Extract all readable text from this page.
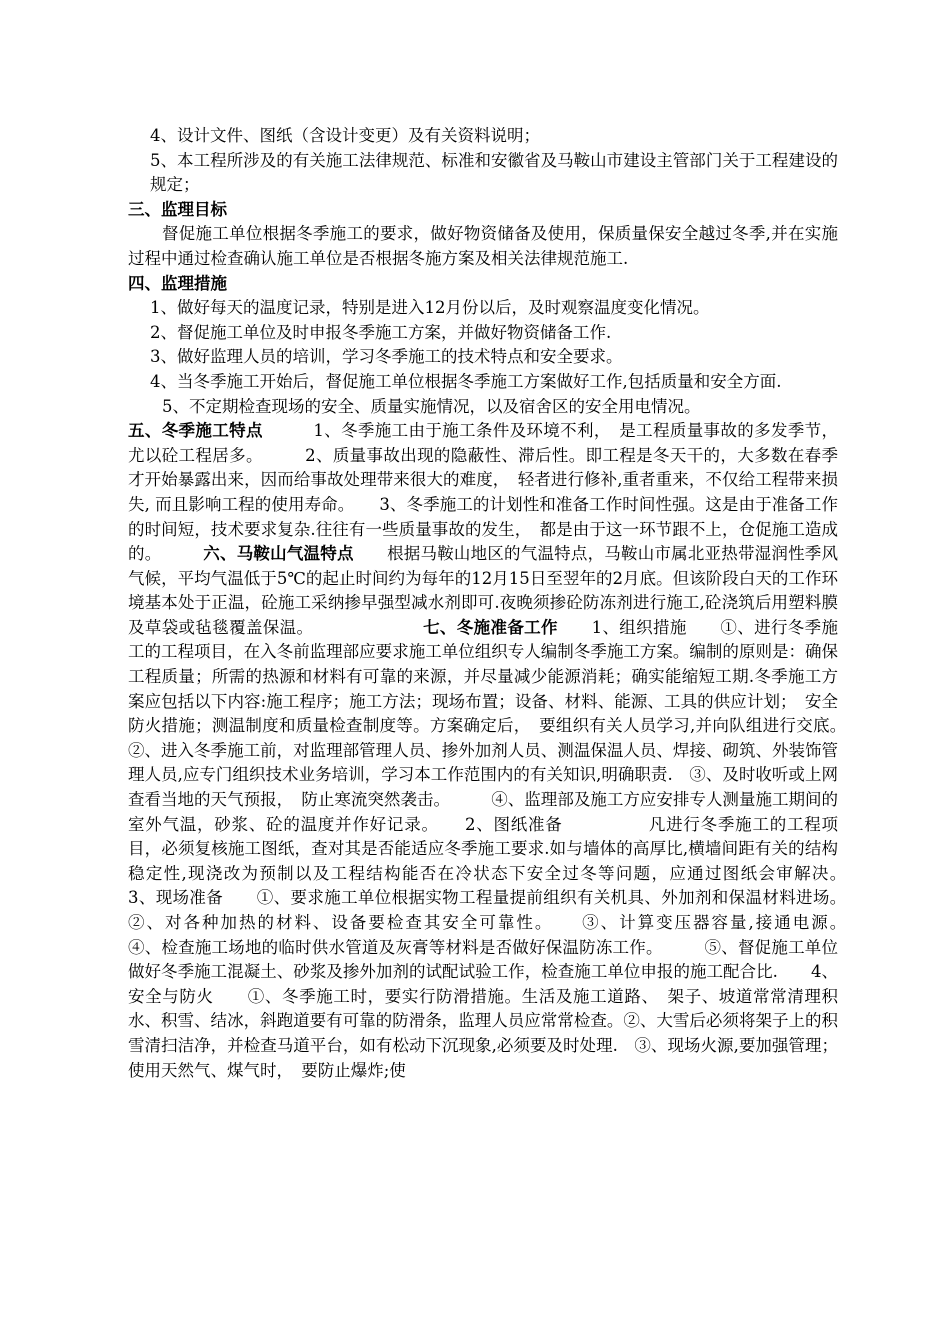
4、设计文件、图纸（含设计变更）及有关资料说明；

5、本工程所涉及的有关施工法律规范、标准和安徽省及马鞍山市建设主管部门关于工程建设的规定；

三、监理目标

督促施工单位根据冬季施工的要求，做好物资储备及使用，保质量保安全越过冬季,并在实施过程中通过检查确认施工单位是否根据冬施方案及相关法律规范施工.

四、监理措施

1、做好每天的温度记录，特别是进入12月份以后，及时观察温度变化情况。

2、督促施工单位及时申报冬季施工方案，并做好物资储备工作.

3、做好监理人员的培训，学习冬季施工的技术特点和安全要求。

4、当冬季施工开始后，督促施工单位根据冬季施工方案做好工作,包括质量和安全方面.

5、不定期检查现场的安全、质量实施情况，以及宿舍区的安全用电情况。

五、冬季施工特点　　　1、冬季施工由于施工条件及环境不利，　是工程质量事故的多发季节，尤以砼工程居多。　　　2、质量事故出现的隐蔽性、滞后性。即工程是冬天干的，大多数在春季才开始暴露出来，因而给事故处理带来很大的难度，　轻者进行修补,重者重来，不仅给工程带来损失, 而且影响工程的使用寿命。　　3、冬季施工的计划性和准备工作时间性强。这是由于准备工作的时间短，技术要求复杂.往往有一些质量事故的发生，　都是由于这一环节跟不上，仓促施工造成的。　　　六、马鞍山气温特点　　根据马鞍山地区的气温特点，马鞍山市属北亚热带湿润性季风气候，平均气温低于5℃的起止时间约为每年的12月15日至翌年的2月底。但该阶段白天的工作环境基本处于正温，砼施工采纳掺早强型减水剂即可.夜晚须掺砼防冻剂进行施工,砼浇筑后用塑料膜及草袋或毡毯覆盖保温。　　　　　　　七、冬施准备工作　　1、组织措施　　①、进行冬季施工的工程项目，在入冬前监理部应要求施工单位组织专人编制冬季施工方案。编制的原则是：确保工程质量；所需的热源和材料有可靠的来源，并尽量减少能源消耗；确实能缩短工期.冬季施工方案应包括以下内容:施工程序；施工方法；现场布置；设备、材料、能源、工具的供应计划；　安全防火措施；测温制度和质量检查制度等。方案确定后，　要组织有关人员学习,并向队组进行交底。　　　②、进入冬季施工前，对监理部管理人员、掺外加剂人员、测温保温人员、焊接、砌筑、外装饰管理人员,应专门组织技术业务培训，学习本工作范围内的有关知识,明确职责.　③、及时收听或上网查看当地的天气预报，　防止寒流突然袭击。　　　④、监理部及施工方应安排专人测量施工期间的室外气温，砂浆、砼的温度并作好记录。　　2、图纸准备　　　　　凡进行冬季施工的工程项目，必须复核施工图纸，查对其是否能适应冬季施工要求.如与墙体的高厚比,横墙间距有关的结构稳定性,现浇改为预制以及工程结构能否在冷状态下安全过冬等问题，应通过图纸会审解决。　　　3、现场准备　　①、要求施工单位根据实物工程量提前组织有关机具、外加剂和保温材料进场。　　　②、对各种加热的材料、设备要检查其安全可靠性。　　③、计算变压器容量,接通电源。　　　④、检查施工场地的临时供水管道及灰膏等材料是否做好保温防冻工作。　　　⑤、督促施工单位做好冬季施工混凝土、砂浆及掺外加剂的试配试验工作，检查施工单位申报的施工配合比.　　4、安全与防火　　①、冬季施工时，要实行防滑措施。生活及施工道路、　架子、坡道常常清理积水、积雪、结冰，斜跑道要有可靠的防滑条，监理人员应常常检查。②、大雪后必须将架子上的积雪清扫洁净，并检查马道平台，如有松动下沉现象,必须要及时处理.　③、现场火源,要加强管理；使用天然气、煤气时，　要防止爆炸;使
